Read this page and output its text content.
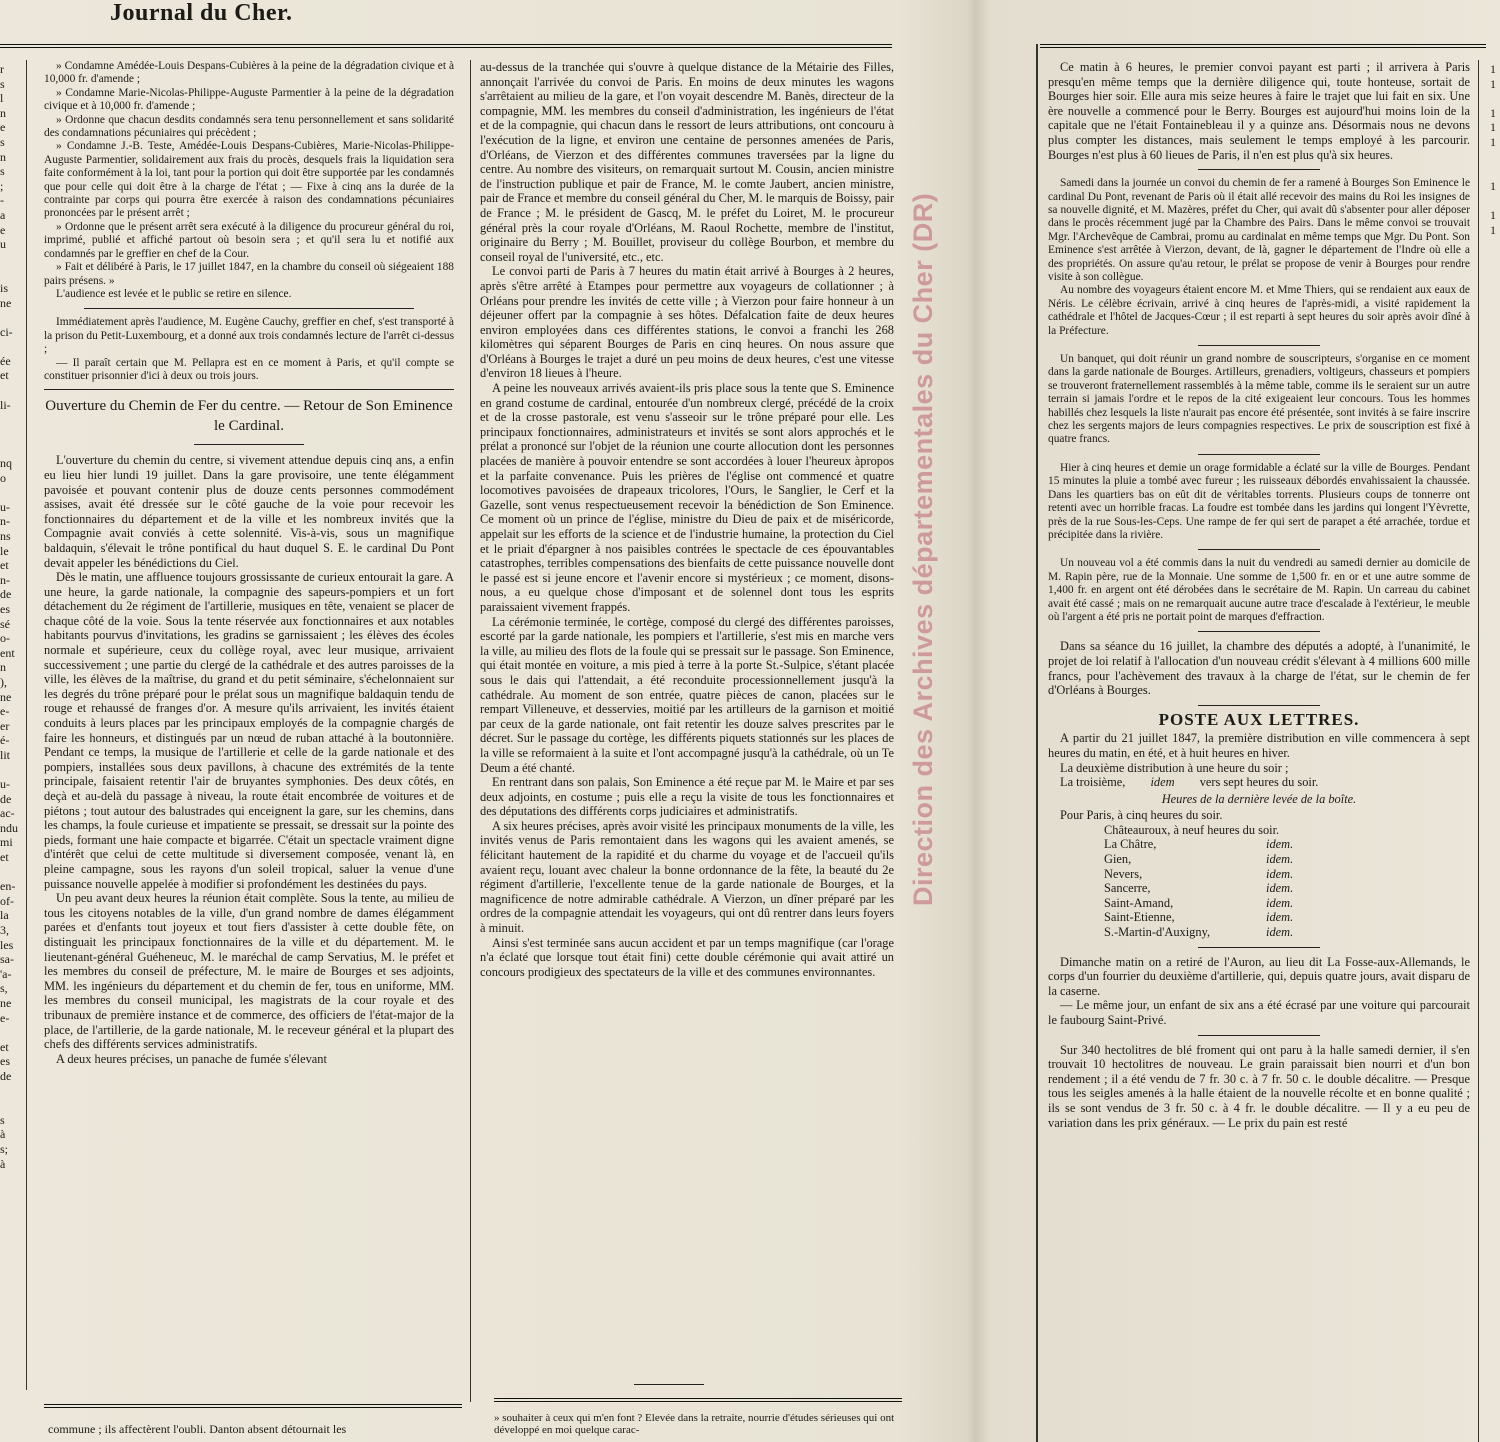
Journal du Cher.
r
s
l
n
e
s
n
s
;
-
a
e
u

is
ne

ci-

ée
et

li-

nq
o

u-
n-
ns
le
et
n-
de
es
sé
o-
ent
n
),
ne
e-
er
é-
lit

u-de
ac-
ndu
mi
et

en-
of-
la
3,
les
sa-
'a-
s,
ne
e-

et
es
de

s
à
s;
à

» Condamne Amédée-Louis Despans-Cubières à la peine de la dégradation civique et à 10,000 fr. d'amende ;

» Condamne Marie-Nicolas-Philippe-Auguste Parmentier à la peine de la dégradation civique et à 10,000 fr. d'amende ;

» Ordonne que chacun desdits condamnés sera tenu personnellement et sans solidarité des condamnations pécuniaires qui précèdent ;

» Condamne J.-B. Teste, Amédée-Louis Despans-Cubières, Marie-Nicolas-Philippe-Auguste Parmentier, solidairement aux frais du procès, desquels frais la liquidation sera faite conformément à la loi, tant pour la portion qui doit être supportée par les condamnés que pour celle qui doit être à la charge de l'état ; — Fixe à cinq ans la durée de la contrainte par corps qui pourra être exercée à raison des condamnations pécuniaires prononcées par le présent arrêt ;

» Ordonne que le présent arrêt sera exécuté à la diligence du procureur général du roi, imprimé, publié et affiché partout où besoin sera ; et qu'il sera lu et notifié aux condamnés par le greffier en chef de la Cour.

» Fait et délibéré à Paris, le 17 juillet 1847, en la chambre du conseil où siégeaient 188 pairs présens. »

L'audience est levée et le public se retire en silence.

Immédiatement après l'audience, M. Eugène Cauchy, greffier en chef, s'est transporté à la prison du Petit-Luxembourg, et a donné aux trois condamnés lecture de l'arrêt ci-dessus ;

— Il paraît certain que M. Pellapra est en ce moment à Paris, et qu'il compte se constituer prisonnier d'ici à deux ou trois jours.

Ouverture du Chemin de Fer du centre. — Retour de Son Eminence le Cardinal.

L'ouverture du chemin du centre, si vivement attendue depuis cinq ans, a enfin eu lieu hier lundi 19 juillet. Dans la gare provisoire, une tente élégamment pavoisée et pouvant contenir plus de douze cents personnes commodément assises, avait été dressée sur le côté gauche de la voie pour recevoir les fonctionnaires du département et de la ville et les nombreux invités que la Compagnie avait conviés à cette solennité. Vis-à-vis, sous un magnifique baldaquin, s'élevait le trône pontifical du haut duquel S. E. le cardinal Du Pont devait appeler les bénédictions du Ciel.

Dès le matin, une affluence toujours grossissante de curieux entourait la gare. A une heure, la garde nationale, la compagnie des sapeurs-pompiers et un fort détachement du 2e régiment de l'artillerie, musiques en tête, venaient se placer de chaque côté de la voie. Sous la tente réservée aux fonctionnaires et aux notables habitants pourvus d'invitations, les gradins se garnissaient ; les élèves des écoles normale et supérieure, ceux du collège royal, avec leur musique, arrivaient successivement ; une partie du clergé de la cathédrale et des autres paroisses de la ville, les élèves de la maîtrise, du grand et du petit séminaire, s'échelonnaient sur les degrés du trône préparé pour le prélat sous un magnifique baldaquin tendu de rouge et rehaussé de franges d'or. A mesure qu'ils arrivaient, les invités étaient conduits à leurs places par les principaux employés de la compagnie chargés de faire les honneurs, et distingués par un nœud de ruban attaché à la boutonnière. Pendant ce temps, la musique de l'artillerie et celle de la garde nationale et des pompiers, installées sous deux pavillons, à chacune des extrémités de la tente principale, faisaient retentir l'air de bruyantes symphonies. Des deux côtés, en deçà et au-delà du passage à niveau, la route était encombrée de voitures et de piétons ; tout autour des balustrades qui enceignent la gare, sur les chemins, dans les champs, la foule curieuse et impatiente se pressait, se dressait sur la pointe des pieds, formant une haie compacte et bigarrée. C'était un spectacle vraiment digne d'intérêt que celui de cette multitude si diversement composée, venant là, en pleine campagne, sous les rayons d'un soleil tropical, saluer la venue d'une puissance nouvelle appelée à modifier si profondément les destinées du pays.

Un peu avant deux heures la réunion était complète. Sous la tente, au milieu de tous les citoyens notables de la ville, d'un grand nombre de dames élégamment parées et d'enfants tout joyeux et tout fiers d'assister à cette double fête, on distinguait les principaux fonctionnaires de la ville et du département. M. le lieutenant-général Guéheneuc, M. le maréchal de camp Servatius, M. le préfet et les membres du conseil de préfecture, M. le maire de Bourges et ses adjoints, MM. les ingénieurs du département et du chemin de fer, tous en uniforme, MM. les membres du conseil municipal, les magistrats de la cour royale et des tribunaux de première instance et de commerce, des officiers de l'état-major de la place, de l'artillerie, de la garde nationale, M. le receveur général et la plupart des chefs des différents services administratifs.

A deux heures précises, un panache de fumée s'élevant

au-dessus de la tranchée qui s'ouvre à quelque distance de la Métairie des Filles, annonçait l'arrivée du convoi de Paris. En moins de deux minutes les wagons s'arrêtaient au milieu de la gare, et l'on voyait descendre M. Banès, directeur de la compagnie, MM. les membres du conseil d'administration, les ingénieurs de l'état et de la compagnie, qui chacun dans le ressort de leurs attributions, ont concouru à l'exécution de la ligne, et environ une centaine de personnes amenées de Paris, d'Orléans, de Vierzon et des différentes communes traversées par la ligne du centre. Au nombre des visiteurs, on remarquait surtout M. Cousin, ancien ministre de l'instruction publique et pair de France, M. le comte Jaubert, ancien ministre, pair de France et membre du conseil général du Cher, M. le marquis de Boissy, pair de France ; M. le président de Gascq, M. le préfet du Loiret, M. le procureur général près la cour royale d'Orléans, M. Raoul Rochette, membre de l'institut, originaire du Berry ; M. Bouillet, proviseur du collège Bourbon, et membre du conseil royal de l'université, etc., etc.

Le convoi parti de Paris à 7 heures du matin était arrivé à Bourges à 2 heures, après s'être arrêté à Etampes pour permettre aux voyageurs de collationner ; à Orléans pour prendre les invités de cette ville ; à Vierzon pour faire honneur à un déjeuner offert par la compagnie à ses hôtes. Défalcation faite de deux heures environ employées dans ces différentes stations, le convoi a franchi les 268 kilomètres qui séparent Bourges de Paris en cinq heures. On nous assure que d'Orléans à Bourges le trajet a duré un peu moins de deux heures, c'est une vitesse d'environ 18 lieues à l'heure.

A peine les nouveaux arrivés avaient-ils pris place sous la tente que S. Eminence en grand costume de cardinal, entourée d'un nombreux clergé, précédé de la croix et de la crosse pastorale, est venu s'asseoir sur le trône préparé pour elle. Les principaux fonctionnaires, administrateurs et invités se sont alors approchés et le prélat a prononcé sur l'objet de la réunion une courte allocution dont les personnes placées de manière à pouvoir entendre se sont accordées à louer l'heureux àpropos et la parfaite convenance. Puis les prières de l'église ont commencé et quatre locomotives pavoisées de drapeaux tricolores, l'Ours, le Sanglier, le Cerf et la Gazelle, sont venus respectueusement recevoir la bénédiction de Son Eminence. Ce moment où un prince de l'église, ministre du Dieu de paix et de miséricorde, appelait sur les efforts de la science et de l'industrie humaine, la protection du Ciel et le priait d'épargner à nos paisibles contrées le spectacle de ces épouvantables catastrophes, terribles compensations des bienfaits de cette puissance nouvelle dont le passé est si jeune encore et l'avenir encore si mystérieux ; ce moment, disons-nous, a eu quelque chose d'imposant et de solennel dont tous les esprits paraissaient vivement frappés.

La cérémonie terminée, le cortège, composé du clergé des différentes paroisses, escorté par la garde nationale, les pompiers et l'artillerie, s'est mis en marche vers la ville, au milieu des flots de la foule qui se pressait sur le passage. Son Eminence, qui était montée en voiture, a mis pied à terre à la porte St.-Sulpice, s'étant placée sous le dais qui l'attendait, a été reconduite processionnellement jusqu'à la cathédrale. Au moment de son entrée, quatre pièces de canon, placées sur le rempart Villeneuve, et desservies, moitié par les artilleurs de la garnison et moitié par ceux de la garde nationale, ont fait retentir les douze salves prescrites par le décret. Sur le passage du cortège, les différents piquets stationnés sur les places de la ville se reformaient à la suite et l'ont accompagné jusqu'à la cathédrale, où un Te Deum a été chanté.

En rentrant dans son palais, Son Eminence a été reçue par M. le Maire et par ses deux adjoints, en costume ; puis elle a reçu la visite de tous les fonctionnaires et des députations des différents corps judiciaires et administratifs.

A six heures précises, après avoir visité les principaux monuments de la ville, les invités venus de Paris remontaient dans les wagons qui les avaient amenés, se félicitant hautement de la rapidité et du charme du voyage et de l'accueil qu'ils avaient reçu, louant avec chaleur la bonne ordonnance de la fête, la beauté du 2e régiment d'artillerie, l'excellente tenue de la garde nationale de Bourges, et la magnificence de notre admirable cathédrale. A Vierzon, un dîner préparé par les ordres de la compagnie attendait les voyageurs, qui ont dû rentrer dans leurs foyers à minuit.

Ainsi s'est terminée sans aucun accident et par un temps magnifique (car l'orage n'a éclaté que lorsque tout était fini) cette double cérémonie qui avait attiré un concours prodigieux des spectateurs de la ville et des communes environnantes.

commune ; ils affectèrent l'oubli. Danton absent détournait les
» souhaiter à ceux qui m'en font ? Elevée dans la retraite, nourrie d'études sérieuses qui ont développé en moi quelque carac-
Direction des Archives départementales du Cher (DR)

Ce matin à 6 heures, le premier convoi payant est parti ; il arrivera à Paris presqu'en même temps que la dernière diligence qui, toute honteuse, sortait de Bourges hier soir. Elle aura mis seize heures à faire le trajet que lui fait en six. Une ère nouvelle a commencé pour le Berry. Bourges est aujourd'hui moins loin de la capitale que ne l'était Fontainebleau il y a quinze ans. Désormais nous ne devons plus compter les distances, mais seulement le temps employé à les parcourir. Bourges n'est plus à 60 lieues de Paris, il n'en est plus qu'à six heures.

Samedi dans la journée un convoi du chemin de fer a ramené à Bourges Son Eminence le cardinal Du Pont, revenant de Paris où il était allé recevoir des mains du Roi les insignes de sa nouvelle dignité, et M. Mazères, préfet du Cher, qui avait dû s'absenter pour aller déposer dans le procès récemment jugé par la Chambre des Pairs. Dans le même convoi se trouvait Mgr. l'Archevêque de Cambrai, promu au cardinalat en même temps que Mgr. Du Pont. Son Eminence s'est arrêtée à Vierzon, devant, de là, gagner le département de l'Indre où elle a des propriétés. On assure qu'au retour, le prélat se propose de venir à Bourges pour rendre visite à son collègue.

Au nombre des voyageurs étaient encore M. et Mme Thiers, qui se rendaient aux eaux de Néris. Le célèbre écrivain, arrivé à cinq heures de l'après-midi, a visité rapidement la cathédrale et l'hôtel de Jacques-Cœur ; il est reparti à sept heures du soir après avoir dîné à la Préfecture.

Un banquet, qui doit réunir un grand nombre de souscripteurs, s'organise en ce moment dans la garde nationale de Bourges. Artilleurs, grenadiers, voltigeurs, chasseurs et pompiers se trouveront fraternellement rassemblés à la même table, comme ils le seraient sur un autre terrain si jamais l'ordre et le repos de la cité exigeaient leur concours. Tous les hommes habillés chez lesquels la liste n'aurait pas encore été présentée, sont invités à se faire inscrire chez les sergents majors de leurs compagnies respectives. Le prix de souscription est fixé à quatre francs.

Hier à cinq heures et demie un orage formidable a éclaté sur la ville de Bourges. Pendant 15 minutes la pluie a tombé avec fureur ; les ruisseaux débordés envahissaient la chaussée. Dans les quartiers bas on eût dit de véritables torrents. Plusieurs coups de tonnerre ont retenti avec un horrible fracas. La foudre est tombée dans les jardins qui longent l'Yèvrette, près de la rue Sous-les-Ceps. Une rampe de fer qui sert de parapet a été arrachée, tordue et précipitée dans la rivière.

Un nouveau vol a été commis dans la nuit du vendredi au samedi dernier au domicile de M. Rapin père, rue de la Monnaie. Une somme de 1,500 fr. en or et une autre somme de 1,400 fr. en argent ont été dérobées dans le secrétaire de M. Rapin. Un carreau du cabinet avait été cassé ; mais on ne remarquait aucune autre trace d'escalade à l'extérieur, le meuble où l'argent a été pris ne portait point de marques d'effraction.

Dans sa séance du 16 juillet, la chambre des députés a adopté, à l'unanimité, le projet de loi relatif à l'allocation d'un nouveau crédit s'élevant à 4 millions 600 mille francs, pour l'achèvement des travaux à la charge de l'état, sur le chemin de fer d'Orléans à Bourges.

POSTE AUX LETTRES.

A partir du 21 juillet 1847, la première distribution en ville commencera à sept heures du matin, en été, et à huit heures en hiver.

La deuxième distribution à une heure du soir ;

La troisième, idem vers sept heures du soir.

Heures de la dernière levée de la boîte.

Pour Paris, à cinq heures du soir.

Châteauroux, à neuf heures du soir.

La Châtre,	idem.
Gien,	idem.
Nevers,	idem.
Sancerre,	idem.
Saint-Amand,	idem.
Saint-Etienne,	idem.
S.-Martin-d'Auxigny,	idem.

Dimanche matin on a retiré de l'Auron, au lieu dit La Fosse-aux-Allemands, le corps d'un fourrier du deuxième d'artillerie, qui, depuis quatre jours, avait disparu de la caserne.

— Le même jour, un enfant de six ans a été écrasé par une voiture qui parcourait le faubourg Saint-Privé.

Sur 340 hectolitres de blé froment qui ont paru à la halle samedi dernier, il s'en trouvait 10 hectolitres de nouveau. Le grain paraissait bien nourri et d'un bon rendement ; il a été vendu de 7 fr. 30 c. à 7 fr. 50 c. le double décalitre. — Presque tous les seigles amenés à la halle étaient de la nouvelle récolte et en bonne qualité ; ils se sont vendus de 3 fr. 50 c. à 4 fr. le double décalitre. — Il y a eu peu de variation dans les prix généraux. — Le prix du pain est resté

1
1

1
1
1

1

1
1
